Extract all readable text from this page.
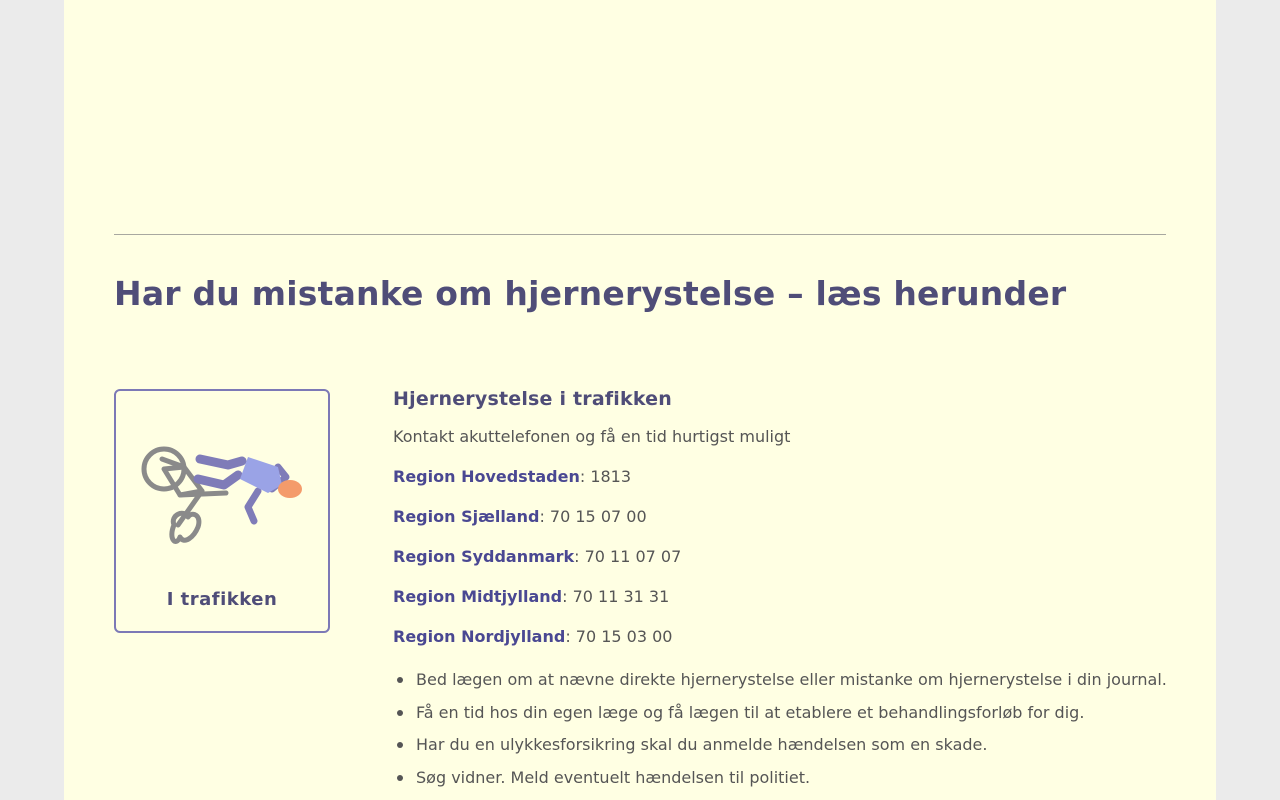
Har du mistanke om hjernerystelse – læs herunder
I trafikken
Hjernerystelse i trafikken

Kontakt akuttelefonen og få en tid hurtigst muligt

Region Hovedstaden: 1813

Region Sjælland: 70 15 07 00

Region Syddanmark: 70 11 07 07

Region Midtjylland: 70 11 31 31

Region Nordjylland: 70 15 03 00

Bed lægen om at nævne direkte hjernerystelse eller mistanke om hjernerystelse i din journal.
Få en tid hos din egen læge og få lægen til at etablere et behandlingsforløb for dig.
Har du en ulykkesforsikring skal du anmelde hændelsen som en skade.
Søg vidner. Meld eventuelt hændelsen til politiet.
